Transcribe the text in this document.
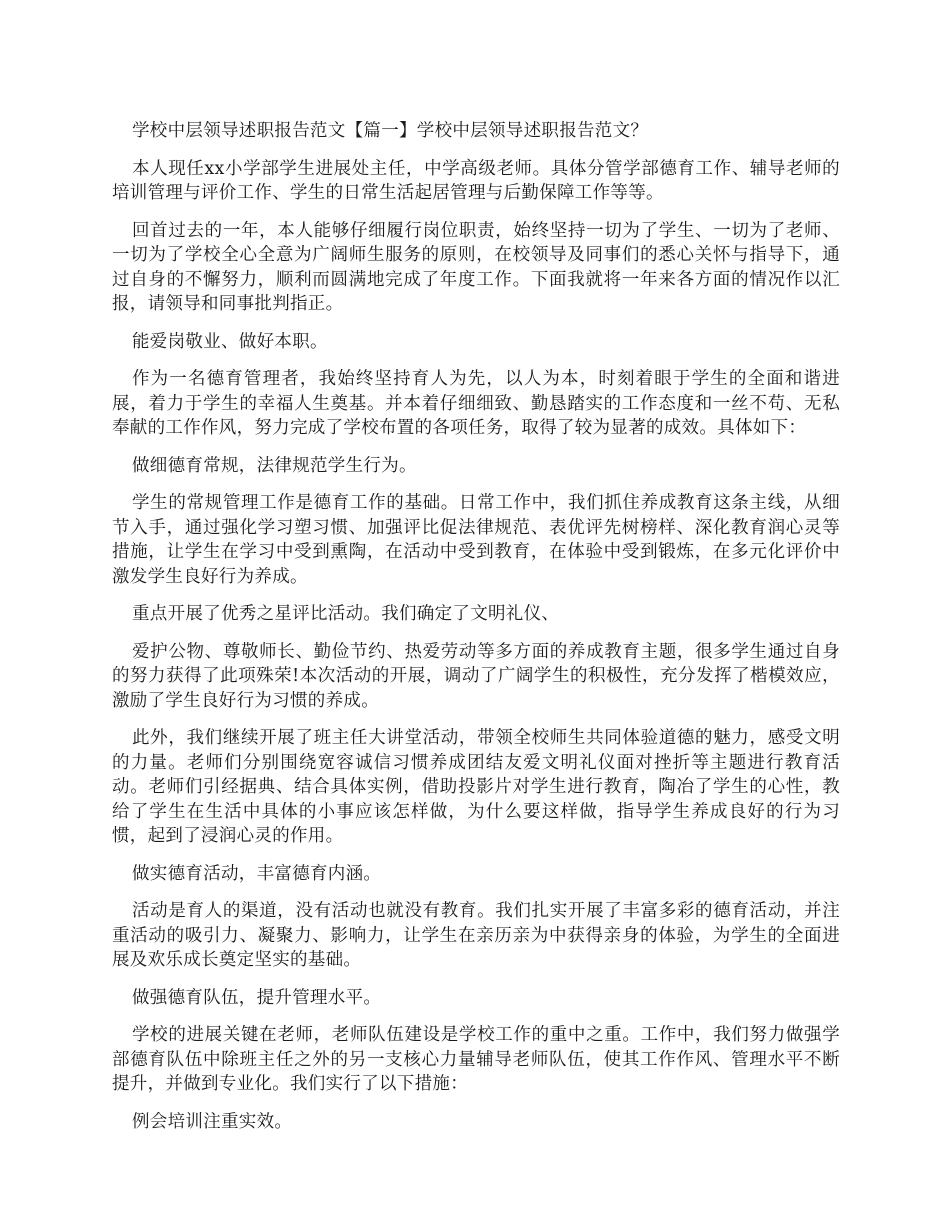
学校中层领导述职报告范文【篇一】学校中层领导述职报告范文？

本人现任xx小学部学生进展处主任，中学高级老师。具体分管学部德育工作、辅导老师的培训管理与评价工作、学生的日常生活起居管理与后勤保障工作等等。

回首过去的一年，本人能够仔细履行岗位职责，始终坚持一切为了学生、一切为了老师、一切为了学校全心全意为广阔师生服务的原则，在校领导及同事们的悉心关怀与指导下，通过自身的不懈努力，顺利而圆满地完成了年度工作。下面我就将一年来各方面的情况作以汇报，请领导和同事批判指正。

能爱岗敬业、做好本职。

作为一名德育管理者，我始终坚持育人为先，以人为本，时刻着眼于学生的全面和谐进展，着力于学生的幸福人生奠基。并本着仔细细致、勤恳踏实的工作态度和一丝不苟、无私奉献的工作作风，努力完成了学校布置的各项任务，取得了较为显著的成效。具体如下：

做细德育常规，法律规范学生行为。

学生的常规管理工作是德育工作的基础。日常工作中，我们抓住养成教育这条主线，从细节入手，通过强化学习塑习惯、加强评比促法律规范、表优评先树榜样、深化教育润心灵等措施，让学生在学习中受到熏陶，在活动中受到教育，在体验中受到锻炼，在多元化评价中激发学生良好行为养成。

重点开展了优秀之星评比活动。我们确定了文明礼仪、

爱护公物、尊敬师长、勤俭节约、热爱劳动等多方面的养成教育主题，很多学生通过自身的努力获得了此项殊荣!本次活动的开展，调动了广阔学生的积极性，充分发挥了楷模效应，激励了学生良好行为习惯的养成。

此外，我们继续开展了班主任大讲堂活动，带领全校师生共同体验道德的魅力，感受文明的力量。老师们分别围绕宽容诚信习惯养成团结友爱文明礼仪面对挫折等主题进行教育活动。老师们引经据典、结合具体实例，借助投影片对学生进行教育，陶冶了学生的心性，教给了学生在生活中具体的小事应该怎样做，为什么要这样做，指导学生养成良好的行为习惯，起到了浸润心灵的作用。

做实德育活动，丰富德育内涵。

活动是育人的渠道，没有活动也就没有教育。我们扎实开展了丰富多彩的德育活动，并注重活动的吸引力、凝聚力、影响力，让学生在亲历亲为中获得亲身的体验，为学生的全面进展及欢乐成长奠定坚实的基础。

做强德育队伍，提升管理水平。

学校的进展关键在老师，老师队伍建设是学校工作的重中之重。工作中，我们努力做强学部德育队伍中除班主任之外的另一支核心力量辅导老师队伍，使其工作作风、管理水平不断提升，并做到专业化。我们实行了以下措施：

例会培训注重实效。
